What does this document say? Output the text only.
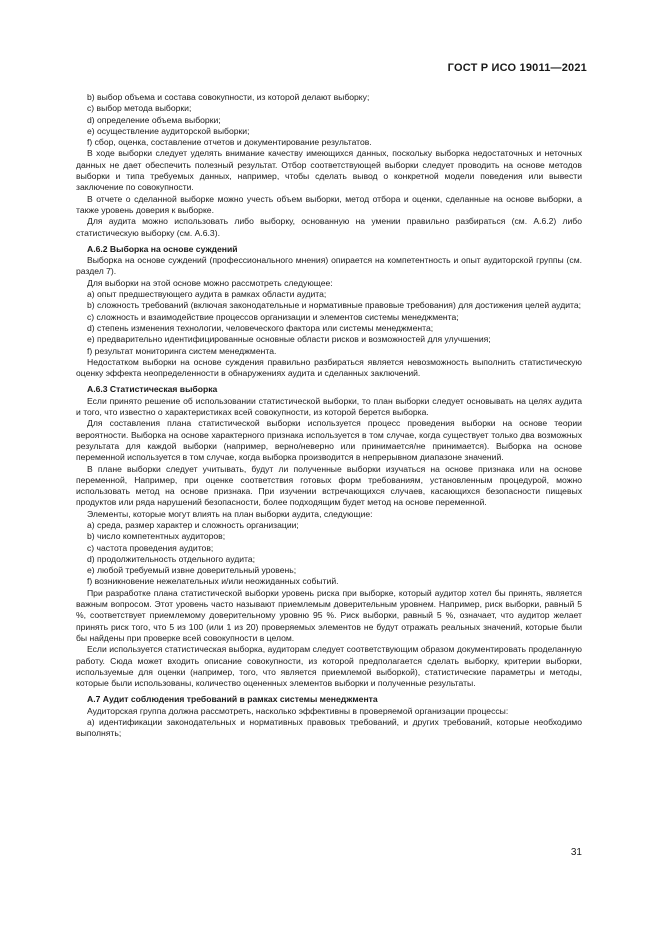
ГОСТ Р ИСО 19011—2021

b) выбор объема и состава совокупности, из которой делают выборку;

c) выбор метода выборки;

d) определение объема выборки;

e) осуществление аудиторской выборки;

f) сбор, оценка, составление отчетов и документирование результатов.

В ходе выборки следует уделять внимание качеству имеющихся данных, поскольку выборка недостаточных и неточных данных не дает обеспечить полезный результат. Отбор соответствующей выборки следует проводить на основе методов выборки и типа требуемых данных, например, чтобы сделать вывод о конкретной модели поведения или вывести заключение по совокупности.

В отчете о сделанной выборке можно учесть объем выборки, метод отбора и оценки, сделанные на основе выборки, а также уровень доверия к выборке.

Для аудита можно использовать либо выборку, основанную на умении правильно разбираться (см. А.6.2) либо статистическую выборку (см. А.6.3).

А.6.2 Выборка на основе суждений

Выборка на основе суждений (профессионального мнения) опирается на компетентность и опыт аудиторской группы (см. раздел 7).

Для выборки на этой основе можно рассмотреть следующее:

a) опыт предшествующего аудита в рамках области аудита;

b) сложность требований (включая законодательные и нормативные правовые требования) для достижения целей аудита;

c) сложность и взаимодействие процессов организации и элементов системы менеджмента;

d) степень изменения технологии, человеческого фактора или системы менеджмента;

e) предварительно идентифицированные основные области рисков и возможностей для улучшения;

f) результат мониторинга систем менеджмента.

Недостатком выборки на основе суждения правильно разбираться является невозможность выполнить статистическую оценку эффекта неопределенности в обнаружениях аудита и сделанных заключений.

А.6.3 Статистическая выборка

Если принято решение об использовании статистической выборки, то план выборки следует основывать на целях аудита и того, что известно о характеристиках всей совокупности, из которой берется выборка.

Для составления плана статистической выборки используется процесс проведения выборки на основе теории вероятности. Выборка на основе характерного признака используется в том случае, когда существует только два возможных результата для каждой выборки (например, верно/неверно или принимается/не принимается). Выборка на основе переменной используется в том случае, когда выборка производится в непрерывном диапазоне значений.

В плане выборки следует учитывать, будут ли полученные выборки изучаться на основе признака или на основе переменной, Например, при оценке соответствия готовых форм требованиям, установленным процедурой, можно использовать метод на основе признака. При изучении встречающихся случаев, касающихся безопасности пищевых продуктов или ряда нарушений безопасности, более подходящим будет метод на основе переменной.

Элементы, которые могут влиять на план выборки аудита, следующие:

a) среда, размер характер и сложность организации;

b) число компетентных аудиторов;

c) частота проведения аудитов;

d) продолжительность отдельного аудита;

e) любой требуемый извне доверительный уровень;

f) возникновение нежелательных и/или неожиданных событий.

При разработке плана статистической выборки уровень риска при выборке, который аудитор хотел бы принять, является важным вопросом. Этот уровень часто называют приемлемым доверительным уровнем. Например, риск выборки, равный 5 %, соответствует приемлемому доверительному уровню 95 %. Риск выборки, равный 5 %, означает, что аудитор желает принять риск того, что 5 из 100 (или 1 из 20) проверяемых элементов не будут отражать реальных значений, которые были бы найдены при проверке всей совокупности в целом.

Если используется статистическая выборка, аудиторам следует соответствующим образом документировать проделанную работу. Сюда может входить описание совокупности, из которой предполагается сделать выборку, критерии выборки, используемые для оценки (например, того, что является приемлемой выборкой), статистические параметры и методы, которые были использованы, количество оцененных элементов выборки и полученные результаты.

А.7 Аудит соблюдения требований в рамках системы менеджмента

Аудиторская группа должна рассмотреть, насколько эффективны в проверяемой организации процессы:

a) идентификации законодательных и нормативных правовых требований, и других требований, которые необходимо выполнять;

31
